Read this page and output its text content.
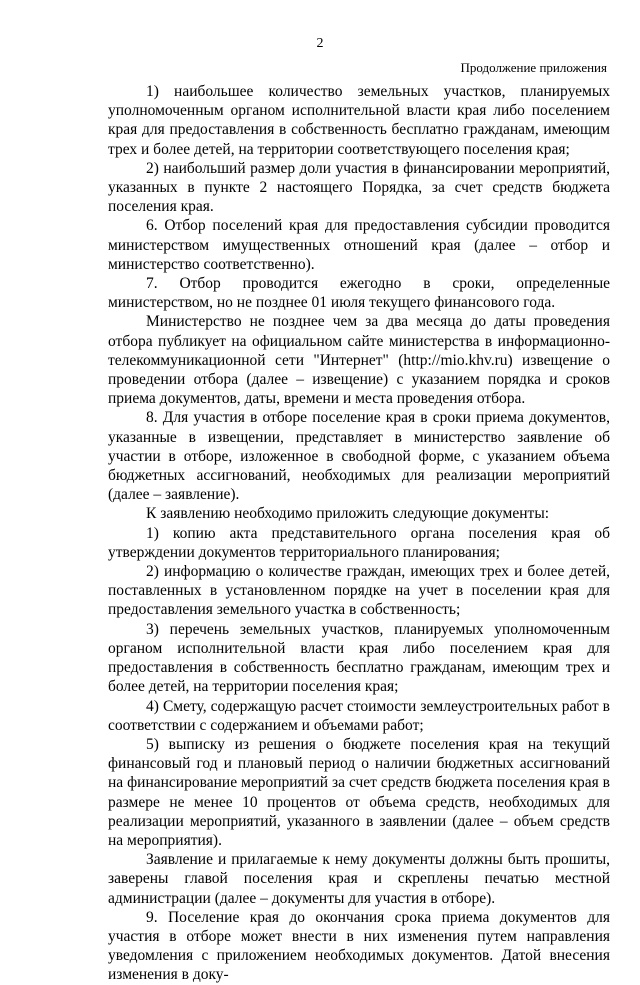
2
Продолжение приложения

1) наибольшее количество земельных участков, планируемых уполномоченным органом исполнительной власти края либо поселением края для предоставления в собственность бесплатно гражданам, имеющим трех и более детей, на территории соответствующего поселения края;

2) наибольший размер доли участия в финансировании мероприятий, указанных в пункте 2 настоящего Порядка, за счет средств бюджета поселения края.

6. Отбор поселений края для предоставления субсидии проводится министерством имущественных отношений края (далее – отбор и министерство соответственно).

7. Отбор проводится ежегодно в сроки, определенные министерством, но не позднее 01 июля текущего финансового года.

Министерство не позднее чем за два месяца до даты проведения отбора публикует на официальном сайте министерства в информационно-телекоммуникационной сети "Интернет" (http://mio.khv.ru) извещение о проведении отбора (далее – извещение) с указанием порядка и сроков приема документов, даты, времени и места проведения отбора.

8. Для участия в отборе поселение края в сроки приема документов, указанные в извещении, представляет в министерство заявление об участии в отборе, изложенное в свободной форме, с указанием объема бюджетных ассигнований, необходимых для реализации мероприятий (далее – заявление).

К заявлению необходимо приложить следующие документы:

1) копию акта представительного органа поселения края об утверждении документов территориального планирования;

2) информацию о количестве граждан, имеющих трех и более детей, поставленных в установленном порядке на учет в поселении края для предоставления земельного участка в собственность;

3) перечень земельных участков, планируемых уполномоченным органом исполнительной власти края либо поселением края для предоставления в собственность бесплатно гражданам, имеющим трех и более детей, на территории поселения края;

4) Смету, содержащую расчет стоимости землеустроительных работ в соответствии с содержанием и объемами работ;

5) выписку из решения о бюджете поселения края на текущий финансовый год и плановый период о наличии бюджетных ассигнований на финансирование мероприятий за счет средств бюджета поселения края в размере не менее 10 процентов от объема средств, необходимых для реализации мероприятий, указанного в заявлении (далее – объем средств на мероприятия).

Заявление и прилагаемые к нему документы должны быть прошиты, заверены главой поселения края и скреплены печатью местной администрации (далее – документы для участия в отборе).

9. Поселение края до окончания срока приема документов для участия в отборе может внести в них изменения путем направления уведомления с приложением необходимых документов. Датой внесения изменения в доку-
